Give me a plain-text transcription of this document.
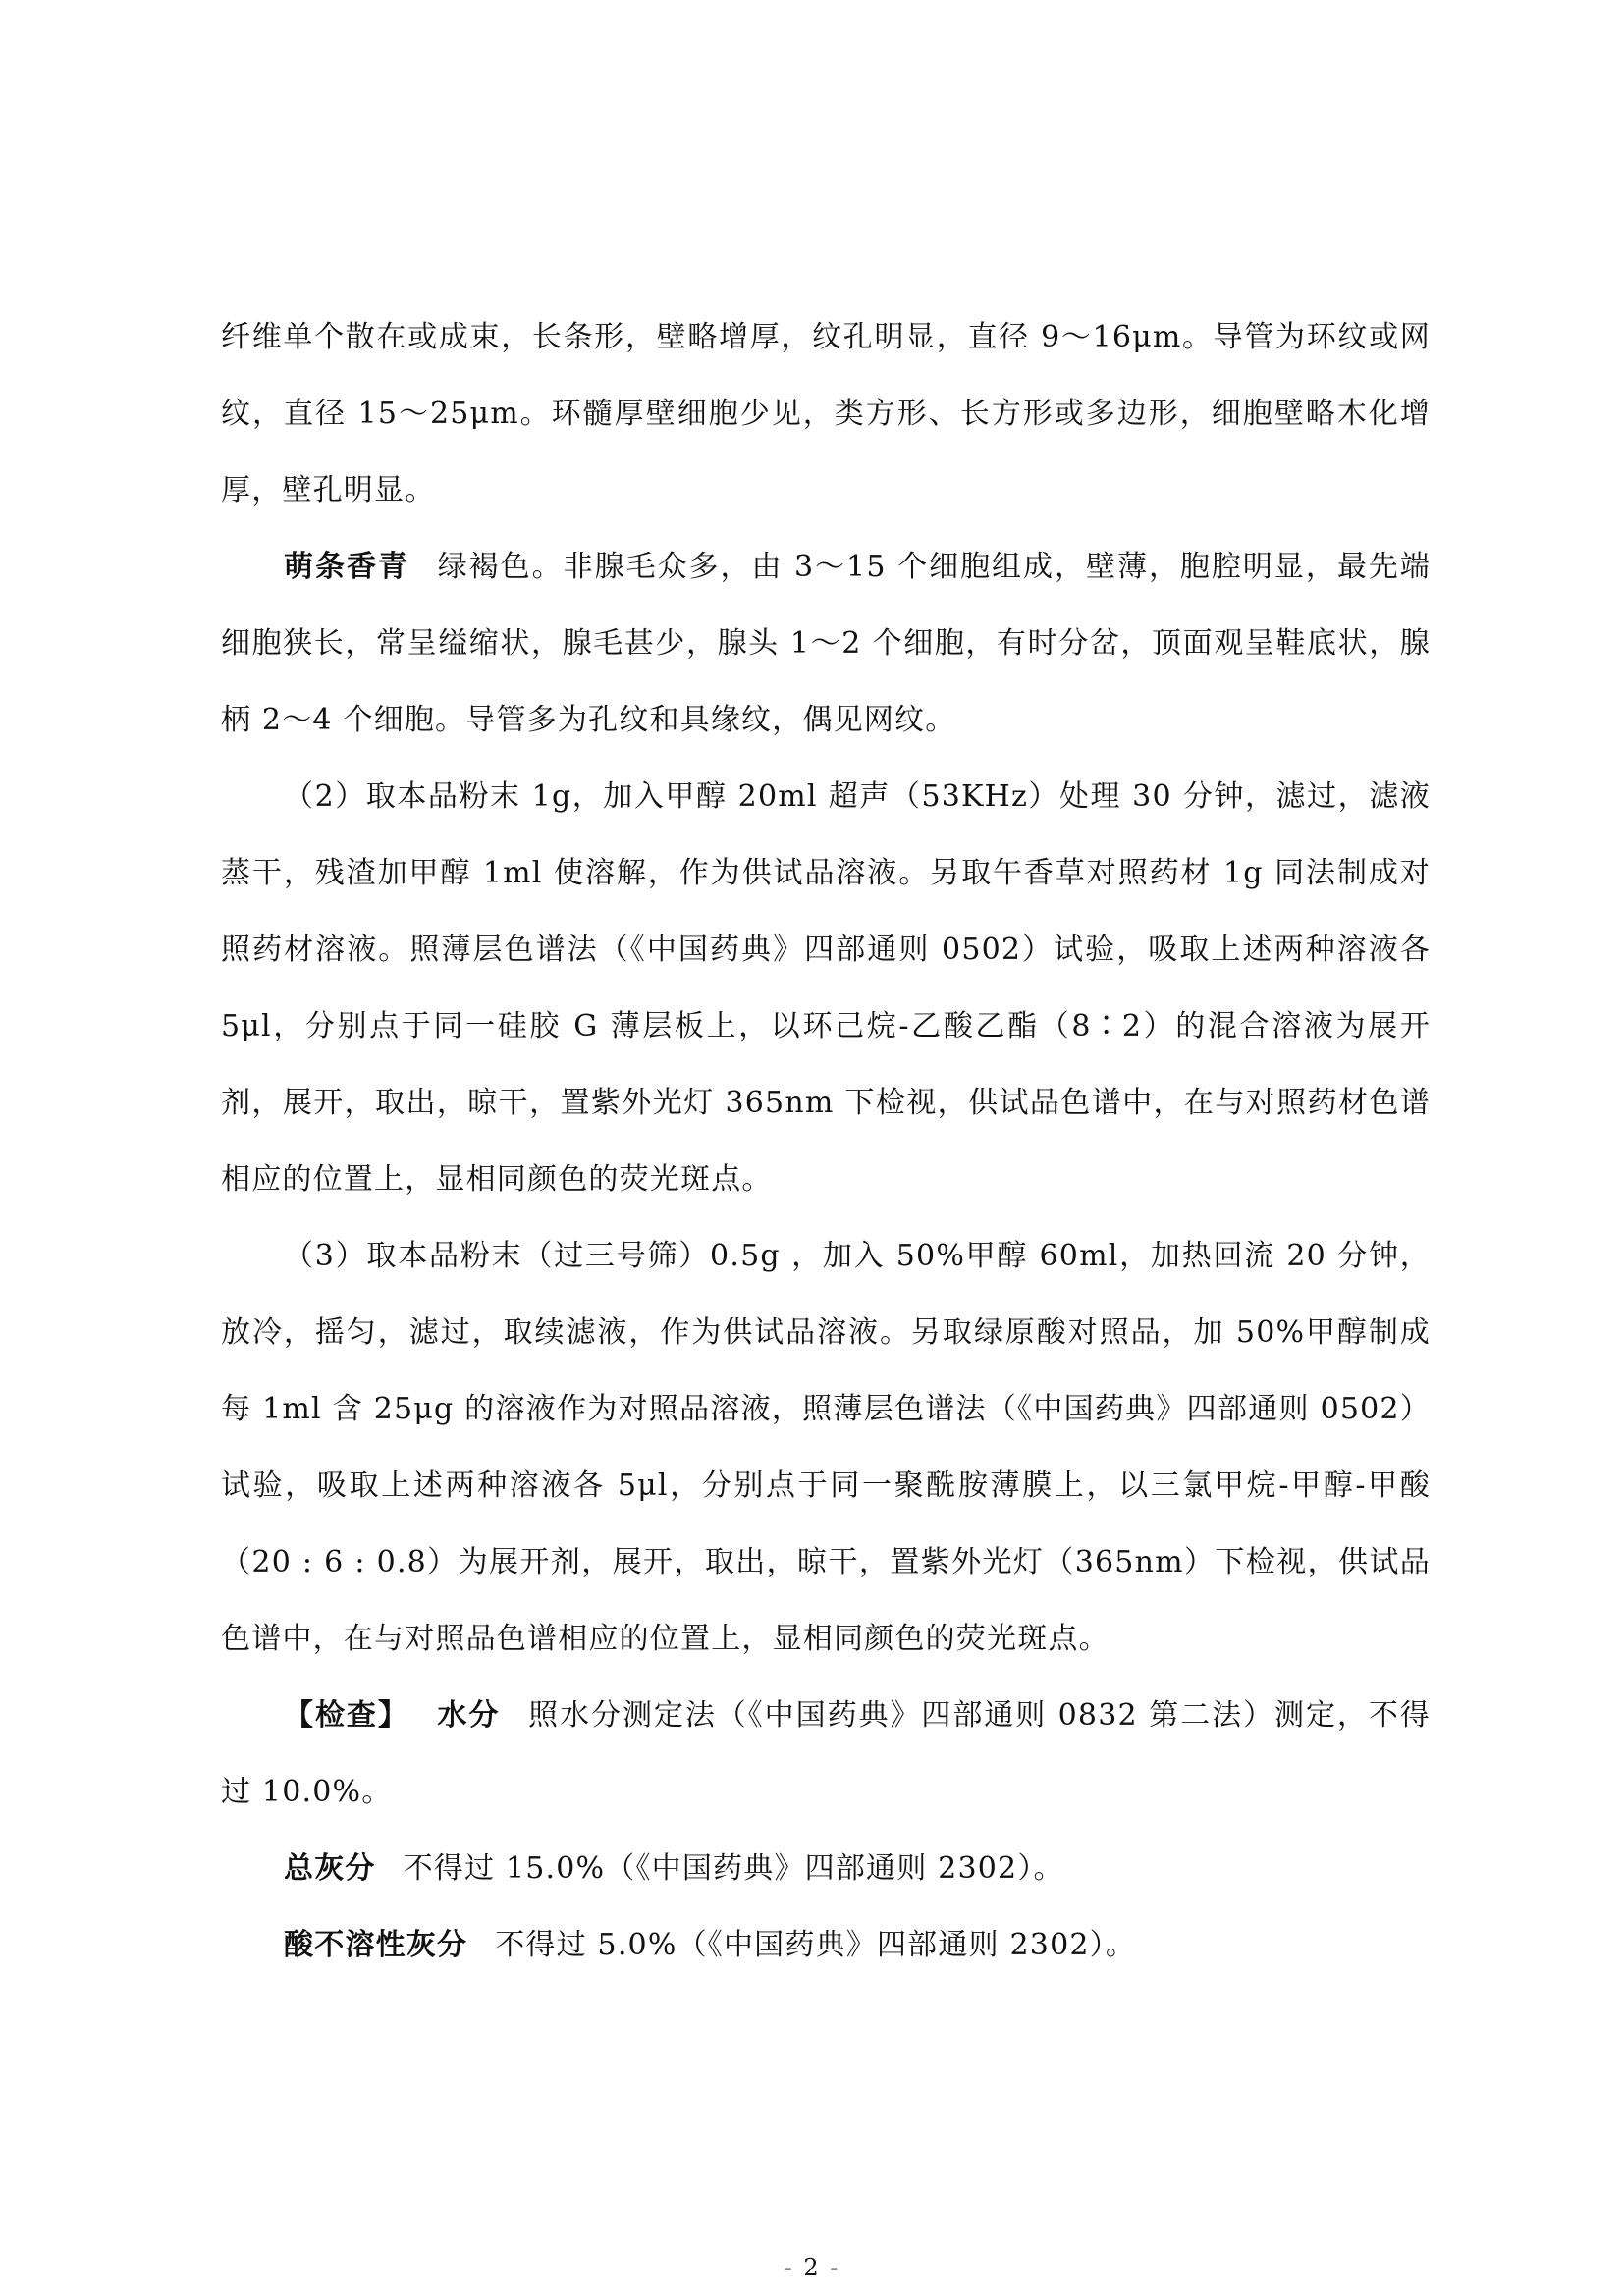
纤维单个散在或成束，长条形，壁略增厚，纹孔明显，直径 9～16μm。导管为环纹或网纹，直径 15～25μm。环髓厚壁细胞少见，类方形、长方形或多边形，细胞壁略木化增厚，壁孔明显。

萌条香青 绿褐色。非腺毛众多，由 3～15 个细胞组成，壁薄，胞腔明显，最先端细胞狭长，常呈缢缩状，腺毛甚少，腺头 1～2 个细胞，有时分岔，顶面观呈鞋底状，腺柄 2～4 个细胞。导管多为孔纹和具缘纹，偶见网纹。

（2）取本品粉末 1g，加入甲醇 20ml 超声（53KHz）处理 30 分钟，滤过，滤液蒸干，残渣加甲醇 1ml 使溶解，作为供试品溶液。另取午香草对照药材 1g 同法制成对照药材溶液。照薄层色谱法（《中国药典》四部通则 0502）试验，吸取上述两种溶液各 5μl，分别点于同一硅胶 G 薄层板上，以环己烷-乙酸乙酯（8∶2）的混合溶液为展开剂，展开，取出，晾干，置紫外光灯 365nm 下检视，供试品色谱中，在与对照药材色谱相应的位置上，显相同颜色的荧光斑点。

（3）取本品粉末（过三号筛）0.5g ，加入 50%甲醇 60ml，加热回流 20 分钟，放冷，摇匀，滤过，取续滤液，作为供试品溶液。另取绿原酸对照品，加 50%甲醇制成每 1ml 含 25μg 的溶液作为对照品溶液，照薄层色谱法（《中国药典》四部通则 0502）试验，吸取上述两种溶液各 5μl，分别点于同一聚酰胺薄膜上，以三氯甲烷-甲醇-甲酸（20 : 6 : 0.8）为展开剂，展开，取出，晾干，置紫外光灯（365nm）下检视，供试品色谱中，在与对照品色谱相应的位置上，显相同颜色的荧光斑点。

【检查】 水分 照水分测定法（《中国药典》四部通则 0832 第二法）测定，不得过 10.0%。

总灰分 不得过 15.0%（《中国药典》四部通则 2302）。

酸不溶性灰分 不得过 5.0%（《中国药典》四部通则 2302）。

- 2 -
